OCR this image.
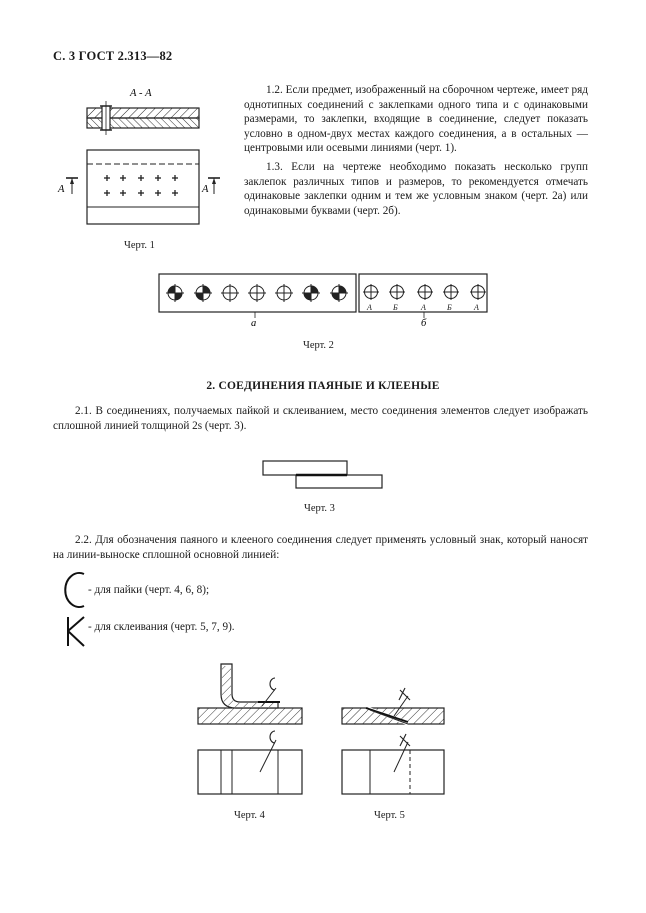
С. 3 ГОСТ 2.313—82
А - А
А	А
Черт. 1
1.2. Если предмет, изображенный на сборочном чертеже, имеет ряд однотипных соединений с заклепками одного типа и с одинаковыми размерами, то заклепки, входящие в соединение, следует показать условно в одном-двух местах каждого соединения, а в остальных — центровыми или осевыми линиями (черт. 1).
1.3. Если на чертеже необходимо показать несколько групп заклепок различных типов и размеров, то рекомендуется отмечать одинаковые заклепки одним и тем же условным знаком (черт. 2а) или одинаковыми буквами (черт. 2б).
А	Б	А	Б	А
а	б
Черт. 2
2. СОЕДИНЕНИЯ ПАЯНЫЕ И КЛЕЕНЫЕ
2.1. В соединениях, получаемых пайкой и склеиванием, место соединения элементов следует изображать сплошной линией толщиной 2s (черт. 3).
Черт. 3
2.2. Для обозначения паяного и клееного соединения следует применять условный знак, который наносят на линии-выноске сплошной основной линией:
- для пайки (черт. 4, 6, 8);
- для склеивания (черт. 5, 7, 9).
Черт. 4	Черт. 5
